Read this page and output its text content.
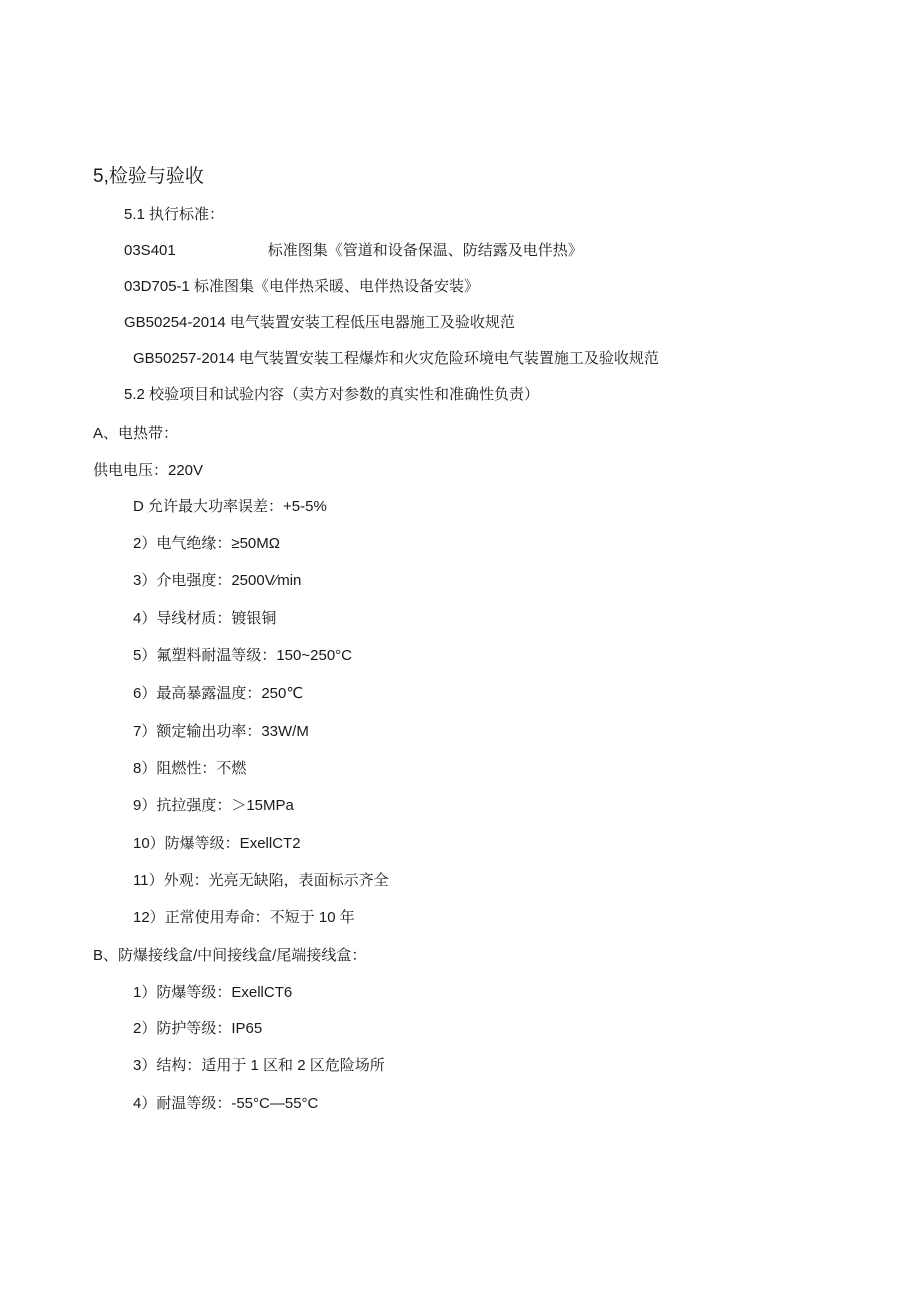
5,检验与验收
5.1 执行标准：
03S401	标准图集《管道和设备保温、防结露及电伴热》
03D705-1 标准图集《电伴热采暖、电伴热设备安装》
GB50254-2014 电气装置安装工程低压电器施工及验收规范
GB50257-2014 电气装置安装工程爆炸和火灾危险环境电气装置施工及验收规范
5.2 校验项目和试验内容（卖方对参数的真实性和准确性负责）
A、电热带：
供电电压：220V
D 允许最大功率误差：+5-5%
2）电气绝缘：≥50MΩ
3）介电强度：2500V∕min
4）导线材质：镀银铜
5）氟塑料耐温等级：150~250°C
6）最高暴露温度：250℃
7）额定输出功率：33W/M
8）阻燃性：不燃
9）抗拉强度：＞15MPa
10）防爆等级：ExellCT2
11）外观：光亮无缺陷，表面标示齐全
12）正常使用寿命：不短于 10 年
B、防爆接线盒/中间接线盒/尾端接线盒：
1）防爆等级：ExellCT6
2）防护等级：IP65
3）结构：适用于 1 区和 2 区危险场所
4）耐温等级：-55°C—55°C
